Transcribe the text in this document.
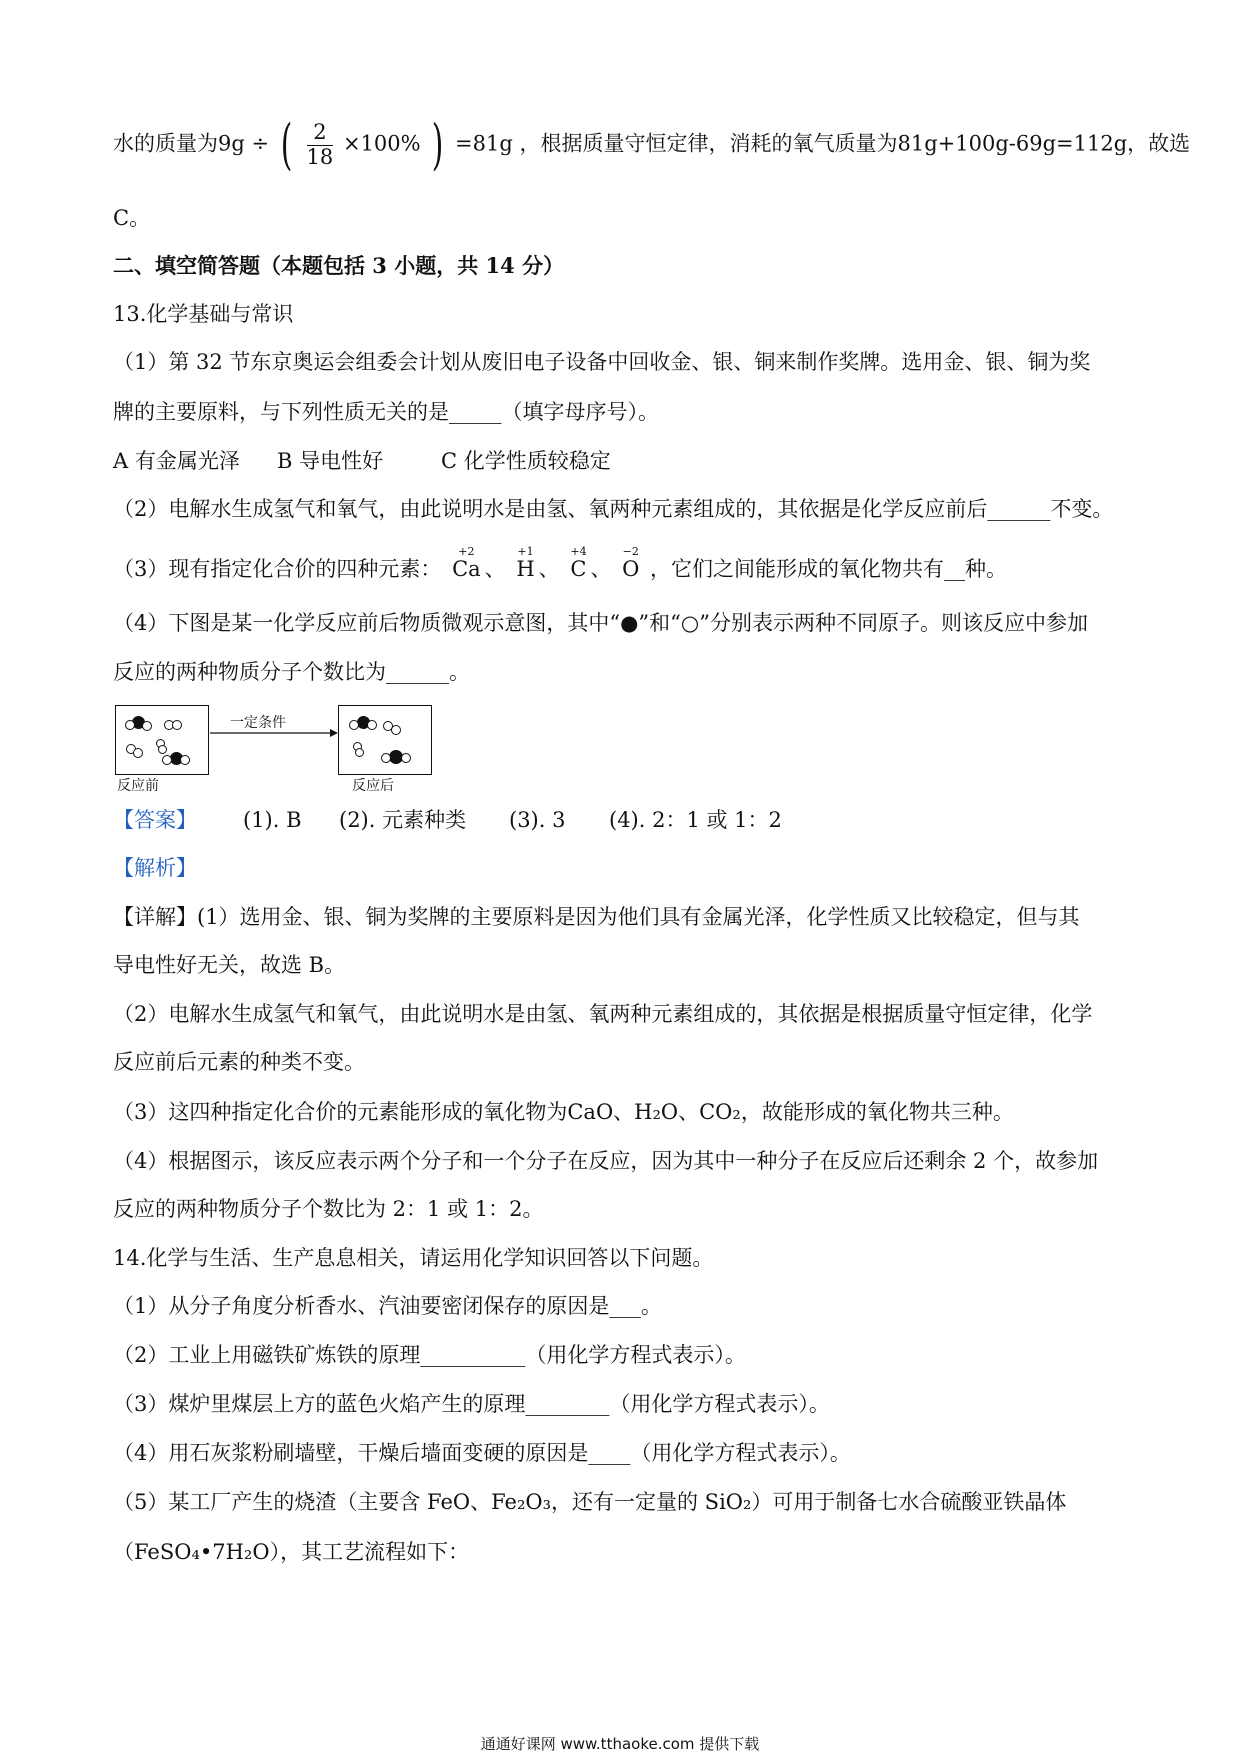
水的质量为9g ÷ ( $\frac{2}{18} \times 100\%$ ) =81g ，根据质量守恒定律，消耗的氧气质量为81g+100g-69g=112g，故选
C。
二、填空简答题（本题包括 3 小题，共 14 分）
13.化学基础与常识
（1）第 32 节东京奥运会组委会计划从废旧电子设备中回收金、银、铜来制作奖牌。选用金、银、铜为奖
牌的主要原料，与下列性质无关的是_____（填字母序号）。
A 有金属光泽 B 导电性好	C 化学性质较稳定
（2）电解水生成氢气和氧气，由此说明水是由氢、氧两种元素组成的，其依据是化学反应前后______不变。
（3）现有指定化合价的四种元素：
+2
Ca 、
+1
H 、
+4
C 、
−2
O ，它们之间能形成的氧化物共有__种。
（4）下图是某一化学反应前后物质微观示意图，其中“●”和“○”分别表示两种不同原子。则该反应中参加
反应的两种物质分子个数比为______。
反应前
一定条件
反应后
【答案】 (1). B (2). 元素种类 (3). 3 (4). 2：1 或 1：2
【解析】
【详解】(1）选用金、银、铜为奖牌的主要原料是因为他们具有金属光泽，化学性质又比较稳定，但与其
导电性好无关，故选 B。
（2）电解水生成氢气和氧气，由此说明水是由氢、氧两种元素组成的，其依据是根据质量守恒定律，化学
反应前后元素的种类不变。
（3）这四种指定化合价的元素能形成的氧化物为CaO、H₂O、CO₂，故能形成的氧化物共三种。
（4）根据图示，该反应表示两个分子和一个分子在反应，因为其中一种分子在反应后还剩余 2 个，故参加
反应的两种物质分子个数比为 2：1 或 1：2。
14.化学与生活、生产息息相关，请运用化学知识回答以下问题。
（1）从分子角度分析香水、汽油要密闭保存的原因是___。
（2）工业上用磁铁矿炼铁的原理__________（用化学方程式表示）。
（3）煤炉里煤层上方的蓝色火焰产生的原理________（用化学方程式表示）。
（4）用石灰浆粉刷墙壁，干燥后墙面变硬的原因是____（用化学方程式表示）。
（5）某工厂产生的烧渣（主要含 FeO、Fe₂O₃，还有一定量的 SiO₂）可用于制备七水合硫酸亚铁晶体
（FeSO₄•7H₂O），其工艺流程如下：
通通好课网 www.tthaoke.com 提供下载
